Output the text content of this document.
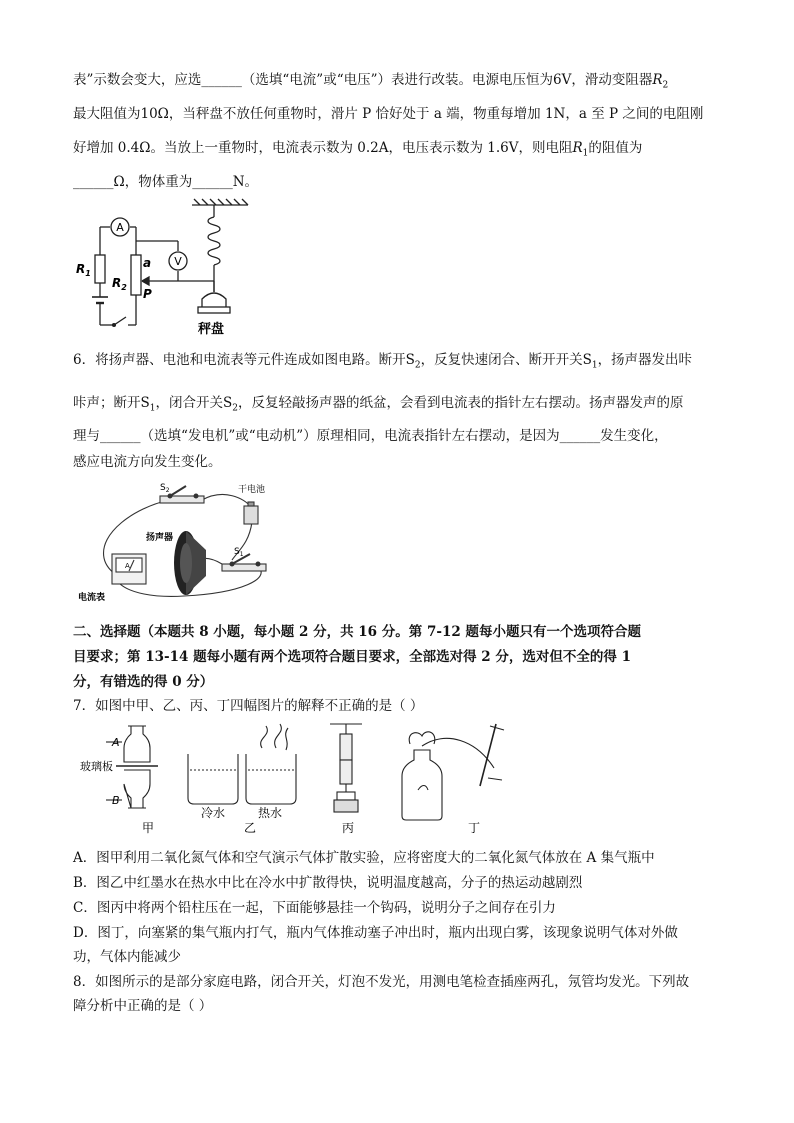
表”示数会变大，应选______（选填“电流”或“电压”）表进行改装。电源电压恒为6V，滑动变阻器$R_2$
最大阻值为10Ω，当秤盘不放任何重物时，滑片 P 恰好处于 a 端，物重每增加 1N，a 至 P 之间的电阻刚
好增加 0.4Ω。当放上一重物时，电流表示数为 0.2A，电压表示数为 1.6V，则电阻$R_1$的阻值为
______Ω，物体重为______N。
A
V
$R_1$
$R_2$
a
P
秤盘
6．将扬声器、电池和电流表等元件连成如图电路。断开$S_2$，反复快速闭合、断开开关$S_1$，扬声器发出咔
咔声；断开$S_1$，闭合开关$S_2$，反复轻敲扬声器的纸盆，会看到电流表的指针左右摆动。扬声器发声的原
理与______（选填“发电机”或“电动机”）原理相同，电流表指针左右摆动，是因为______发生变化，
感应电流方向发生变化。
$S_2$	干电池
扬声器
$S_1$
A
电流表
二、选择题（本题共 8 小题，每小题 2 分，共 16 分。第 7-12 题每小题只有一个选项符合题
目要求；第 13-14 题每小题有两个选项符合题目要求，全部选对得 2 分，选对但不全的得 1
分，有错选的得 0 分）
7．如图中甲、乙、丙、丁四幅图片的解释不正确的是（ ）
A
玻璃板
B
冷水	热水
甲	乙	丙	丁
A．图甲利用二氧化氮气体和空气演示气体扩散实验，应将密度大的二氧化氮气体放在 A 集气瓶中
B．图乙中红墨水在热水中比在冷水中扩散得快，说明温度越高，分子的热运动越剧烈
C．图丙中将两个铅柱压在一起，下面能够悬挂一个钩码，说明分子之间存在引力
D．图丁，向塞紧的集气瓶内打气，瓶内气体推动塞子冲出时，瓶内出现白雾，该现象说明气体对外做
功，气体内能减少
8．如图所示的是部分家庭电路，闭合开关，灯泡不发光，用测电笔检查插座两孔，氖管均发光。下列故
障分析中正确的是（ ）
